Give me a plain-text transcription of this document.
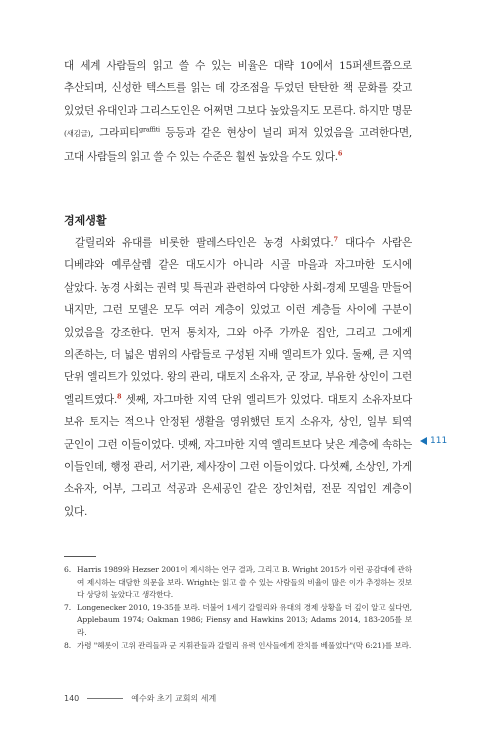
대 세계 사람들의 읽고 쓸 수 있는 비율은 대략 10에서 15퍼센트쯤으로 추산되며, 신성한 텍스트를 읽는 데 강조점을 두었던 탄탄한 책 문화를 갖고 있었던 유대인과 그리스도인은 어쩌면 그보다 높았을지도 모른다. 하지만 명문(새김글), 그라피티$^{graffiti}$ 등등과 같은 현상이 널리 퍼져 있었음을 고려한다면, 고대 사람들의 읽고 쓸 수 있는 수준은 훨씬 높았을 수도 있다.$^6$

경제생활

갈릴리와 유대를 비롯한 팔레스타인은 농경 사회였다.$^7$ 대다수 사람은 디베랴와 예루살렘 같은 대도시가 아니라 시골 마을과 자그마한 도시에 살았다. 농경 사회는 권력 및 특권과 관련하여 다양한 사회-경제 모델을 만들어 내지만, 그런 모델은 모두 여러 계층이 있었고 이런 계층들 사이에 구분이 있었음을 강조한다. 먼저 통치자, 그와 아주 가까운 집안, 그리고 그에게 의존하는, 더 넓은 범위의 사람들로 구성된 지배 엘리트가 있다. 둘째, 큰 지역 단위 엘리트가 있었다. 왕의 관리, 대토지 소유자, 군 장교, 부유한 상인이 그런 엘리트였다.$^8$ 셋째, 자그마한 지역 단위 엘리트가 있었다. 대토지 소유자보다 보유 토지는 적으나 안정된 생활을 영위했던 토지 소유자, 상인, 일부 퇴역 군인이 그런 이들이었다. 넷째, 자그마한 지역 엘리트보다 낮은 계층에 속하는 이들인데, 행정 관리, 서기관, 제사장이 그런 이들이었다. 다섯째, 소상인, 가게 소유자, 어부, 그리고 석공과 은세공인 같은 장인처럼, 전문 직업인 계층이 있다.

111
6. Harris 1989와 Hezser 2001이 제시하는 연구 결과, 그리고 B. Wright 2015가 이런 공감대에 관하여 제시하는 대담한 의문을 보라. Wright는 읽고 쓸 수 있는 사람들의 비율이 많은 이가 추정하는 것보다 상당히 높았다고 생각한다.
7. Longenecker 2010, 19-35를 보라. 더불어 1세기 갈릴리와 유대의 경제 상황을 더 깊이 알고 싶다면, Applebaum 1974; Oakman 1986; Fiensy and Hawkins 2013; Adams 2014, 183-205를 보라.
8. 가령 "헤롯이 고위 관리들과 군 지휘관들과 갈릴리 유력 인사들에게 잔치를 베풀었다"(막 6:21)를 보라.
140	예수와 초기 교회의 세계
